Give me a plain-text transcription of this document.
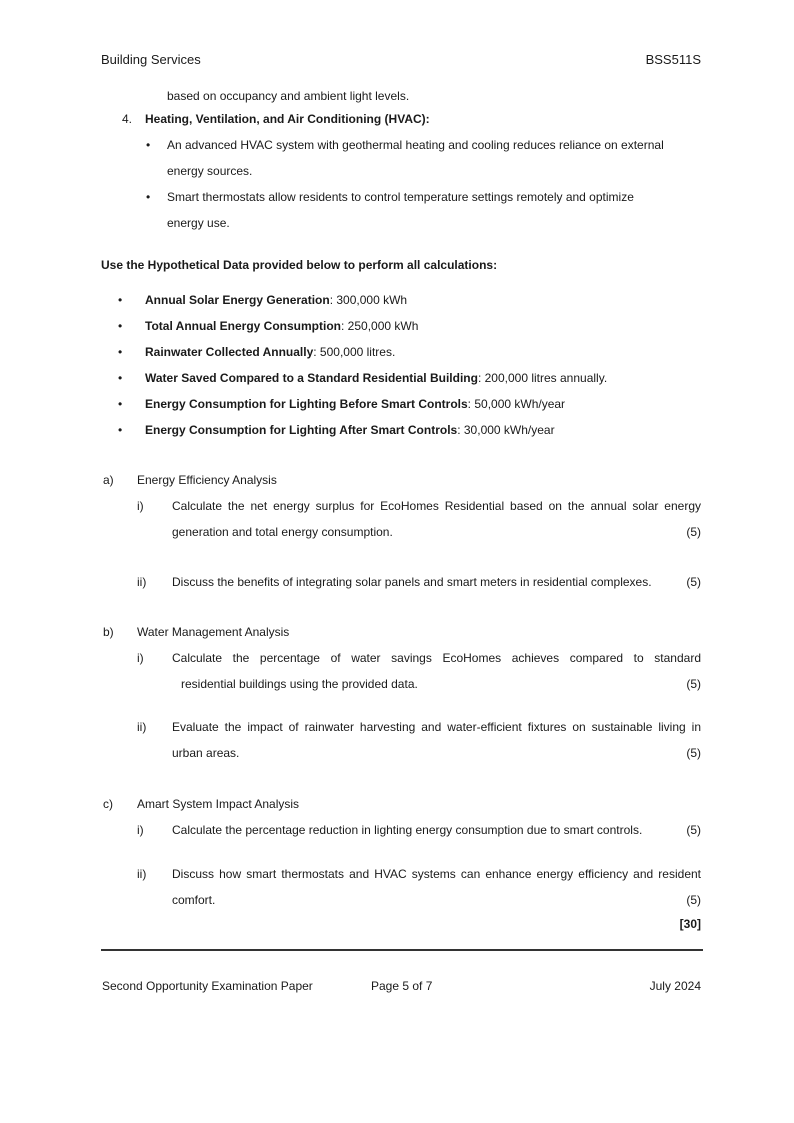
Building Services	BSS511S
based on occupancy and ambient light levels.
4. Heating, Ventilation, and Air Conditioning (HVAC):
• An advanced HVAC system with geothermal heating and cooling reduces reliance on external
energy sources.
• Smart thermostats allow residents to control temperature settings remotely and optimize
energy use.
Use the Hypothetical Data provided below to perform all calculations:
• Annual Solar Energy Generation: 300,000 kWh
• Total Annual Energy Consumption: 250,000 kWh
• Rainwater Collected Annually: 500,000 litres.
• Water Saved Compared to a Standard Residential Building: 200,000 litres annually.
• Energy Consumption for Lighting Before Smart Controls: 50,000 kWh/year
• Energy Consumption for Lighting After Smart Controls: 30,000 kWh/year
a) Energy Efficiency Analysis
i) Calculate the net energy surplus for EcoHomes Residential based on the annual solar energy
generation and total energy consumption.	(5)
ii) Discuss the benefits of integrating solar panels and smart meters in residential complexes.	(5)
b) Water Management Analysis
i) Calculate the percentage of water savings EcoHomes achieves compared to standard
residential buildings using the provided data.	(5)
ii) Evaluate the impact of rainwater harvesting and water-efficient fixtures on sustainable living in
urban areas.	(5)
c) Amart System Impact Analysis
i) Calculate the percentage reduction in lighting energy consumption due to smart controls.	(5)
ii) Discuss how smart thermostats and HVAC systems can enhance energy efficiency and resident
comfort.	(5)
[30]
Second Opportunity Examination Paper	Page 5 of 7	July 2024
